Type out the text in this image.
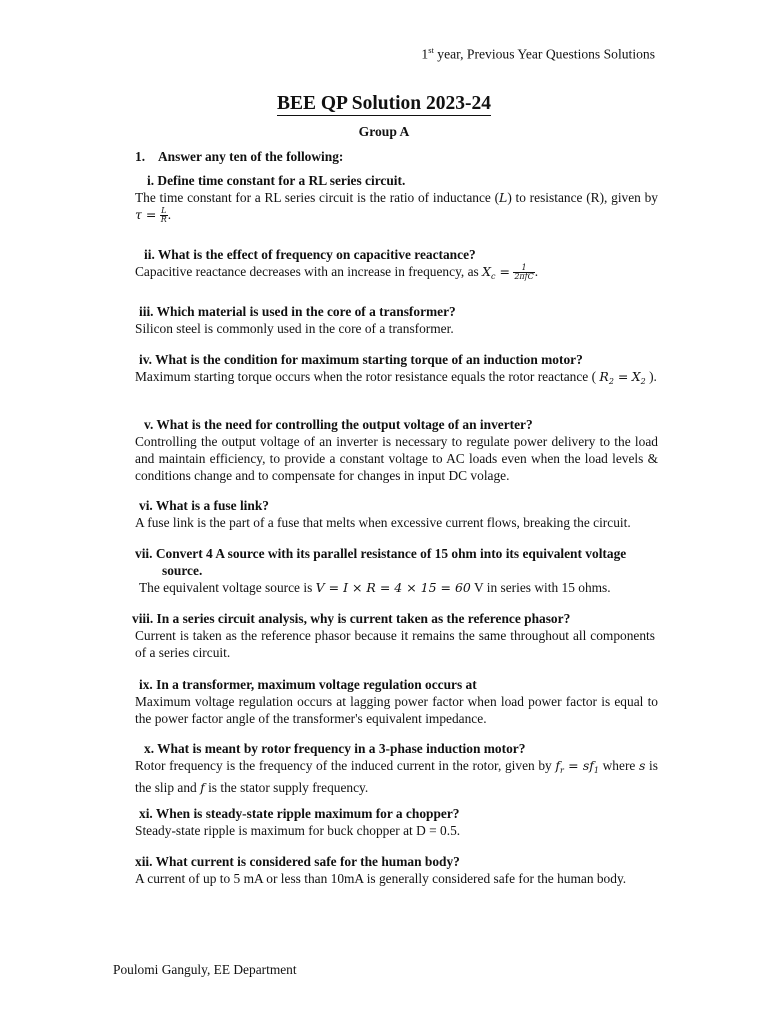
1st year, Previous Year Questions Solutions
BEE QP Solution 2023-24
Group A
1. Answer any ten of the following:
i. Define time constant for a RL series circuit.
The time constant for a RL series circuit is the ratio of inductance (L) to resistance (R), given by $\tau = \frac{L}{R}$ .
ii. What is the effect of frequency on capacitive reactance?
Capacitive reactance decreases with an increase in frequency, as $X_c = \frac{1}{\text{2πfC}}$ .
iii. Which material is used in the core of a transformer?
Silicon steel is commonly used in the core of a transformer.
iv. What is the condition for maximum starting torque of an induction motor?
Maximum starting torque occurs when the rotor resistance equals the rotor reactance ( $R_2 = X_2$ ).
v. What is the need for controlling the output voltage of an inverter?
Controlling the output voltage of an inverter is necessary to regulate power delivery to the load and maintain efficiency, to provide a constant voltage to AC loads even when the load levels & conditions change and to compensate for changes in input DC volage.
vi. What is a fuse link?
A fuse link is the part of a fuse that melts when excessive current flows, breaking the circuit.
vii. Convert 4 A source with its parallel resistance of 15 ohm into its equivalent voltage
source.
The equivalent voltage source is V = I × R = 4 × 15 = 60 V in series with 15 ohms.
viii. In a series circuit analysis, why is current taken as the reference phasor?
Current is taken as the reference phasor because it remains the same throughout all components of a series circuit.
ix. In a transformer, maximum voltage regulation occurs at
Maximum voltage regulation occurs at lagging power factor when load power factor is equal to the power factor angle of the transformer's equivalent impedance.
x. What is meant by rotor frequency in a 3-phase induction motor?
Rotor frequency is the frequency of the induced current in the rotor, given by $f_r = sf_1$ where s is the slip and f is the stator supply frequency.
xi. When is steady-state ripple maximum for a chopper?
Steady-state ripple is maximum for buck chopper at D = 0.5.
xii. What current is considered safe for the human body?
A current of up to 5 mA or less than 10mA is generally considered safe for the human body.
Poulomi Ganguly, EE Department
